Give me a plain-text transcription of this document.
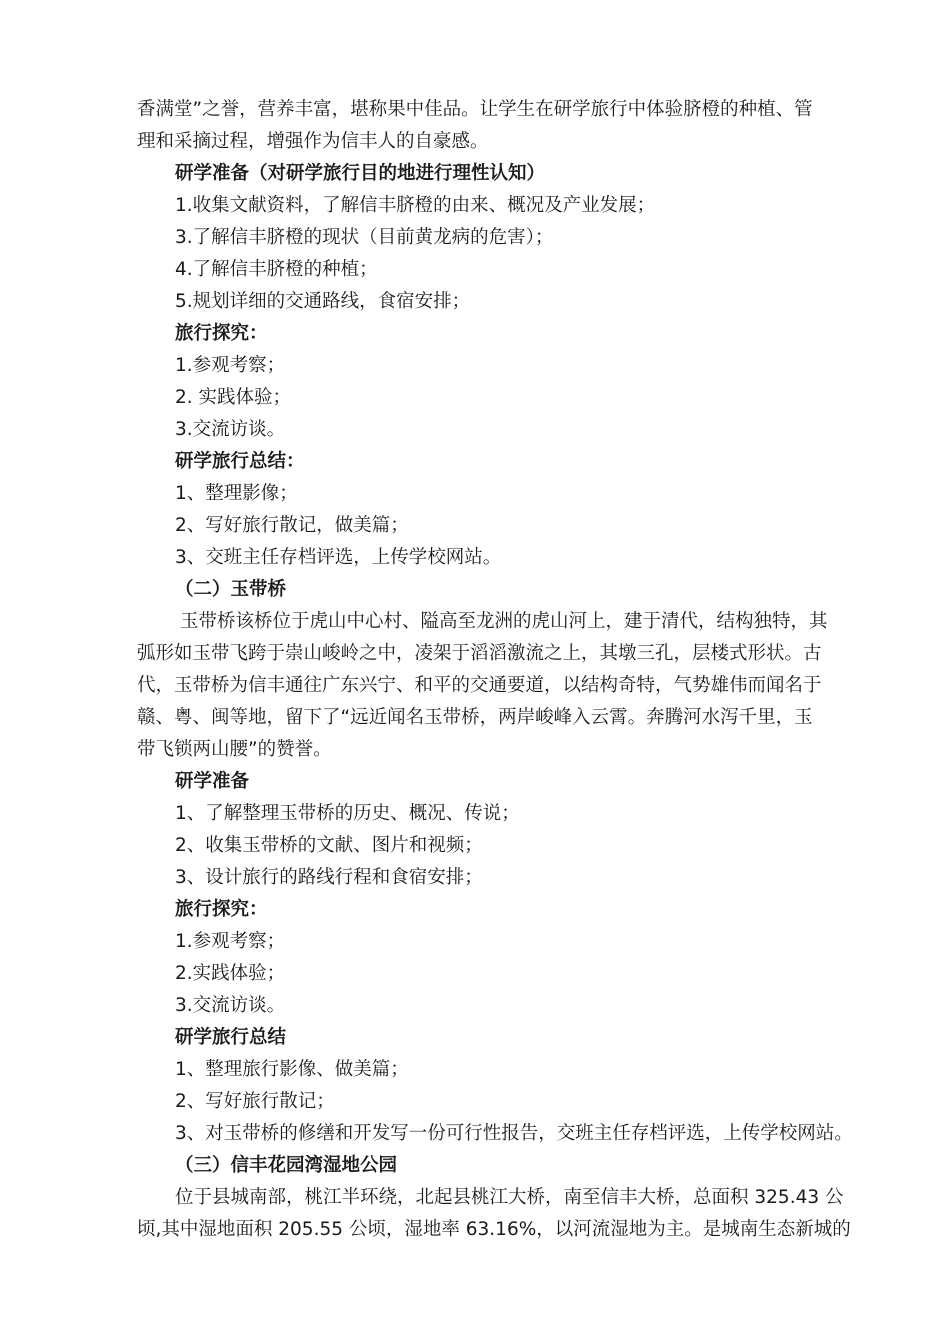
香满堂”之誉，营养丰富，堪称果中佳品。让学生在研学旅行中体验脐橙的种植、管
理和采摘过程，增强作为信丰人的自豪感。
研学准备（对研学旅行目的地进行理性认知）
1.收集文献资料，了解信丰脐橙的由来、概况及产业发展；
3.了解信丰脐橙的现状（目前黄龙病的危害）；
4.了解信丰脐橙的种植；
5.规划详细的交通路线，食宿安排；
旅行探究：
1.参观考察；
2. 实践体验；
3.交流访谈。
研学旅行总结：
1、整理影像；
2、写好旅行散记，做美篇；
3、交班主任存档评选，上传学校网站。
（二）玉带桥
玉带桥该桥位于虎山中心村、隘高至龙洲的虎山河上，建于清代，结构独特，其
弧形如玉带飞跨于崇山峻岭之中，凌架于滔滔激流之上，其墩三孔，层楼式形状。古
代，玉带桥为信丰通往广东兴宁、和平的交通要道，以结构奇特，气势雄伟而闻名于
赣、粤、闽等地，留下了“远近闻名玉带桥，两岸峻峰入云霄。奔腾河水泻千里，玉
带飞锁两山腰”的赞誉。
研学准备
1、了解整理玉带桥的历史、概况、传说；
2、收集玉带桥的文献、图片和视频；
3、设计旅行的路线行程和食宿安排；
旅行探究：
1.参观考察；
2.实践体验；
3.交流访谈。
研学旅行总结
1、整理旅行影像、做美篇；
2、写好旅行散记；
3、对玉带桥的修缮和开发写一份可行性报告，交班主任存档评选，上传学校网站。
（三）信丰花园湾湿地公园
位于县城南部，桃江半环绕，北起县桃江大桥，南至信丰大桥，总面积 325.43 公
顷,其中湿地面积 205.55 公顷，湿地率 63.16%，以河流湿地为主。是城南生态新城的
